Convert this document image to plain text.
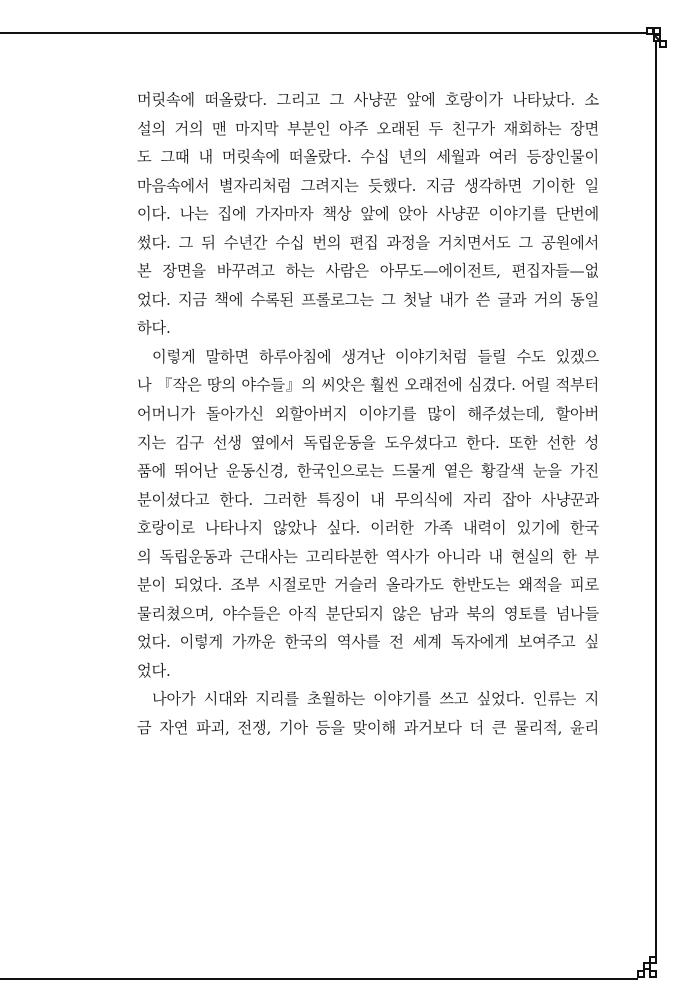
머릿속에 떠올랐다. 그리고 그 사냥꾼 앞에 호랑이가 나타났다. 소
설의 거의 맨 마지막 부분인 아주 오래된 두 친구가 재회하는 장면
도 그때 내 머릿속에 떠올랐다. 수십 년의 세월과 여러 등장인물이
마음속에서 별자리처럼 그려지는 듯했다. 지금 생각하면 기이한 일
이다. 나는 집에 가자마자 책상 앞에 앉아 사냥꾼 이야기를 단번에
썼다. 그 뒤 수년간 수십 번의 편집 과정을 거치면서도 그 공원에서
본 장면을 바꾸려고 하는 사람은 아무도—에이전트, 편집자들—없
었다. 지금 책에 수록된 프롤로그는 그 첫날 내가 쓴 글과 거의 동일
하다.
이렇게 말하면 하루아침에 생겨난 이야기처럼 들릴 수도 있겠으
나 『작은 땅의 야수들』의 씨앗은 훨씬 오래전에 심겼다. 어릴 적부터
어머니가 돌아가신 외할아버지 이야기를 많이 해주셨는데, 할아버
지는 김구 선생 옆에서 독립운동을 도우셨다고 한다. 또한 선한 성
품에 뛰어난 운동신경, 한국인으로는 드물게 옅은 황갈색 눈을 가진
분이셨다고 한다. 그러한 특징이 내 무의식에 자리 잡아 사냥꾼과
호랑이로 나타나지 않았나 싶다. 이러한 가족 내력이 있기에 한국
의 독립운동과 근대사는 고리타분한 역사가 아니라 내 현실의 한 부
분이 되었다. 조부 시절로만 거슬러 올라가도 한반도는 왜적을 피로
물리쳤으며, 야수들은 아직 분단되지 않은 남과 북의 영토를 넘나들
었다. 이렇게 가까운 한국의 역사를 전 세계 독자에게 보여주고 싶
었다.
나아가 시대와 지리를 초월하는 이야기를 쓰고 싶었다. 인류는 지
금 자연 파괴, 전쟁, 기아 등을 맞이해 과거보다 더 큰 물리적, 윤리
